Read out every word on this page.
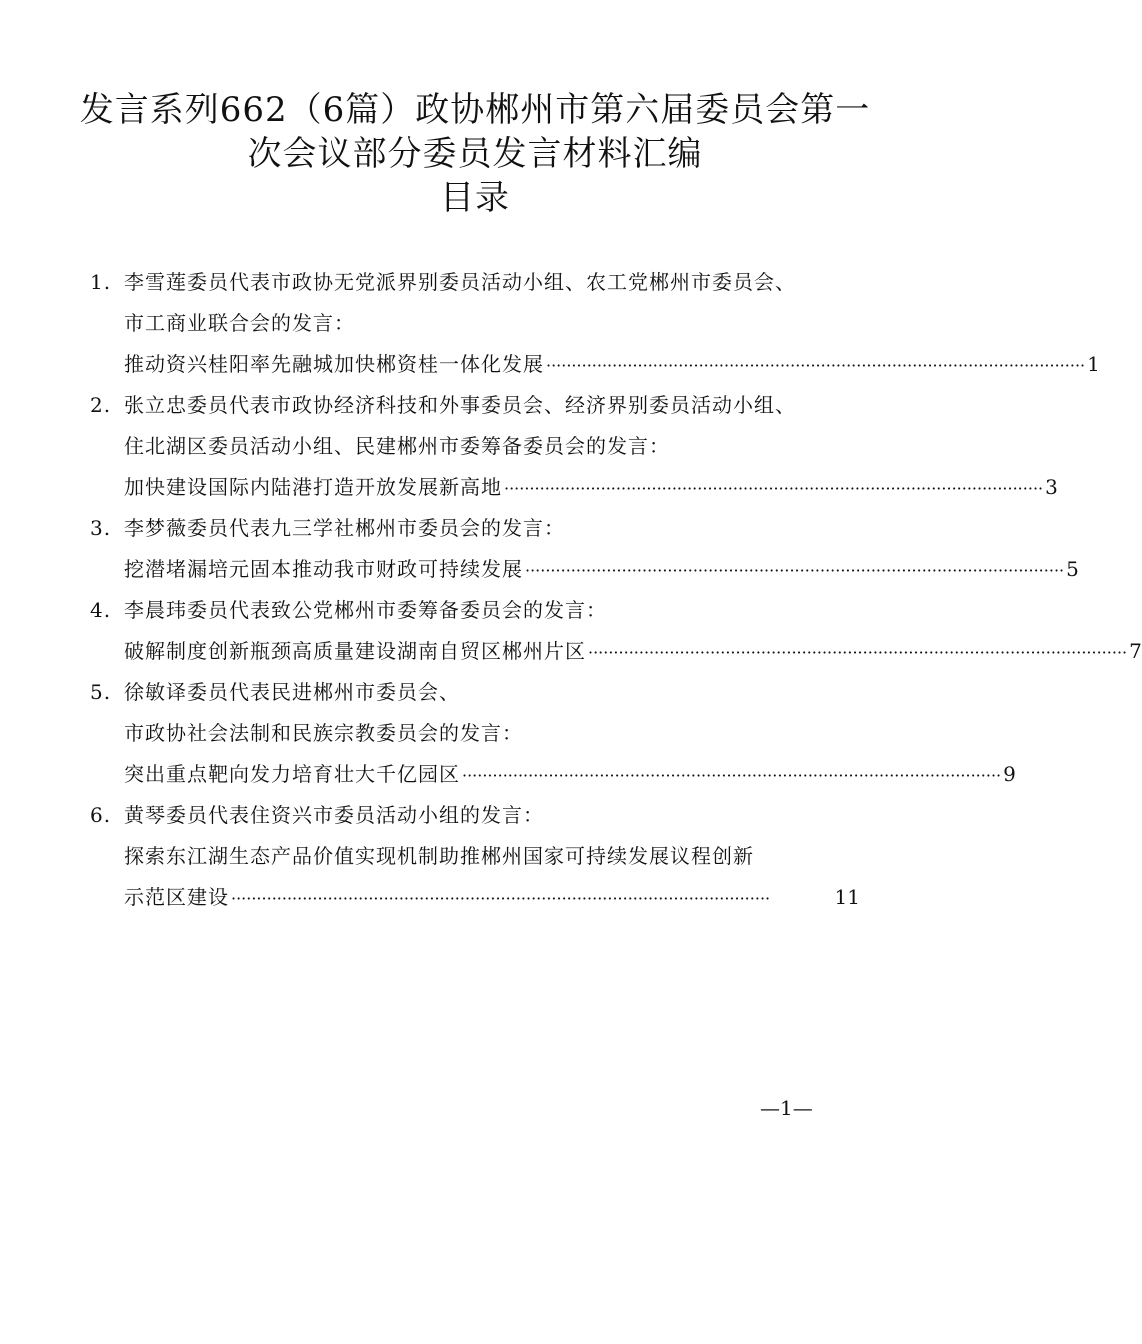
发言系列662（6篇）政协郴州市第六届委员会第一
次会议部分委员发言材料汇编
目录
1. 李雪莲委员代表市政协无党派界别委员活动小组、农工党郴州市委员会、
市工商业联合会的发言：
推动资兴桂阳率先融城加快郴资桂一体化发展 ·········································································································· 1
2. 张立忠委员代表市政协经济科技和外事委员会、经济界别委员活动小组、
住北湖区委员活动小组、民建郴州市委筹备委员会的发言：
加快建设国际内陆港打造开放发展新高地 ·········································································································· 3
3. 李梦薇委员代表九三学社郴州市委员会的发言：
挖潜堵漏培元固本推动我市财政可持续发展 ·········································································································· 5
4. 李晨玮委员代表致公党郴州市委筹备委员会的发言：
破解制度创新瓶颈高质量建设湖南自贸区郴州片区 ·········································································································· 7
5. 徐敏译委员代表民进郴州市委员会、
市政协社会法制和民族宗教委员会的发言：
突出重点靶向发力培育壮大千亿园区 ·········································································································· 9
6. 黄琴委员代表住资兴市委员活动小组的发言：
探索东江湖生态产品价值实现机制助推郴州国家可持续发展议程创新
示范区建设 ··········································································································	11
—1—
